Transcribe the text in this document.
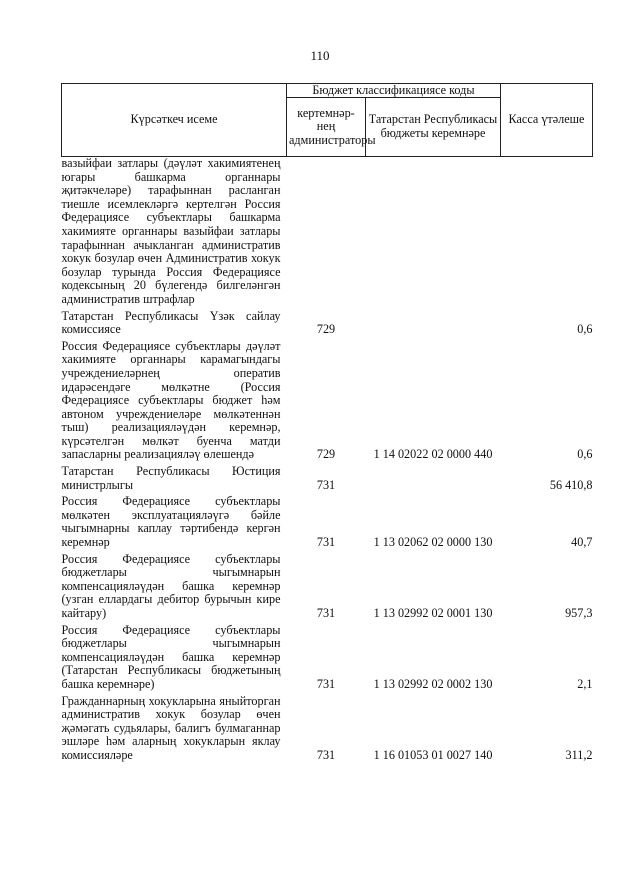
110
Күрсәткеч исеме	Бюджет классификациясе коды		Касса үтәлеше
	кертемнәр-нең администраторы	Татарстан Республикасы бюджеты керемнәре	
вазыйфаи затлары (дәүләт хакимиятенең югары башкарма органнары җитәкчеләре) тарафыннан расланган тиешле исемлекләргә кертелгән Россия Федерациясе субъектлары башкарма хакимияте органнары вазыйфаи затлары тарафыннан ачыкланган административ хокук бозулар өчен Административ хокук бозулар турында Россия Федерациясе кодексының 20 бүлегендә билгеләнгән административ штрафлар			

Татарстан Республикасы Үзәк сайлау комиссиясе	729		0,6

Россия Федерациясе субъектлары дәүләт хакимияте органнары карамагындагы учреждениеләрнең оператив идарәсендәге мөлкәтне (Россия Федерациясе субъектлары бюджет һәм автоном учреждениеләре мөлкәтеннән тыш) реализацияләүдән керемнәр, күрсәтелгән мөлкәт буенча матди запасларны реализацияләү өлешендә	729	1 14 02022 02 0000 440	0,6

Татарстан Республикасы Юстиция министрлыгы	731		56 410,8

Россия Федерациясе субъектлары мөлкәтен эксплуатацияләүгә бәйле чыгымнарны каплау тәртибендә кергән керемнәр	731	1 13 02062 02 0000 130	40,7

Россия Федерациясе субъектлары бюджетлары чыгымнарын компенсацияләүдән башка керемнәр (узган еллардагы дебитор бурычын кире кайтару)	731	1 13 02992 02 0001 130	957,3

Россия Федерациясе субъектлары бюджетлары чыгымнарын компенсацияләүдән башка керемнәр (Татарстан Республикасы бюджетының башка керемнәре)	731	1 13 02992 02 0002 130	2,1

Гражданнарның хокукларына яныйторган административ хокук бозулар өчен җәмәгать судьялары, балигъ булмаганнар эшләре һәм аларның хокукларын яклау комиссияләре	731	1 16 01053 01 0027 140	311,2
